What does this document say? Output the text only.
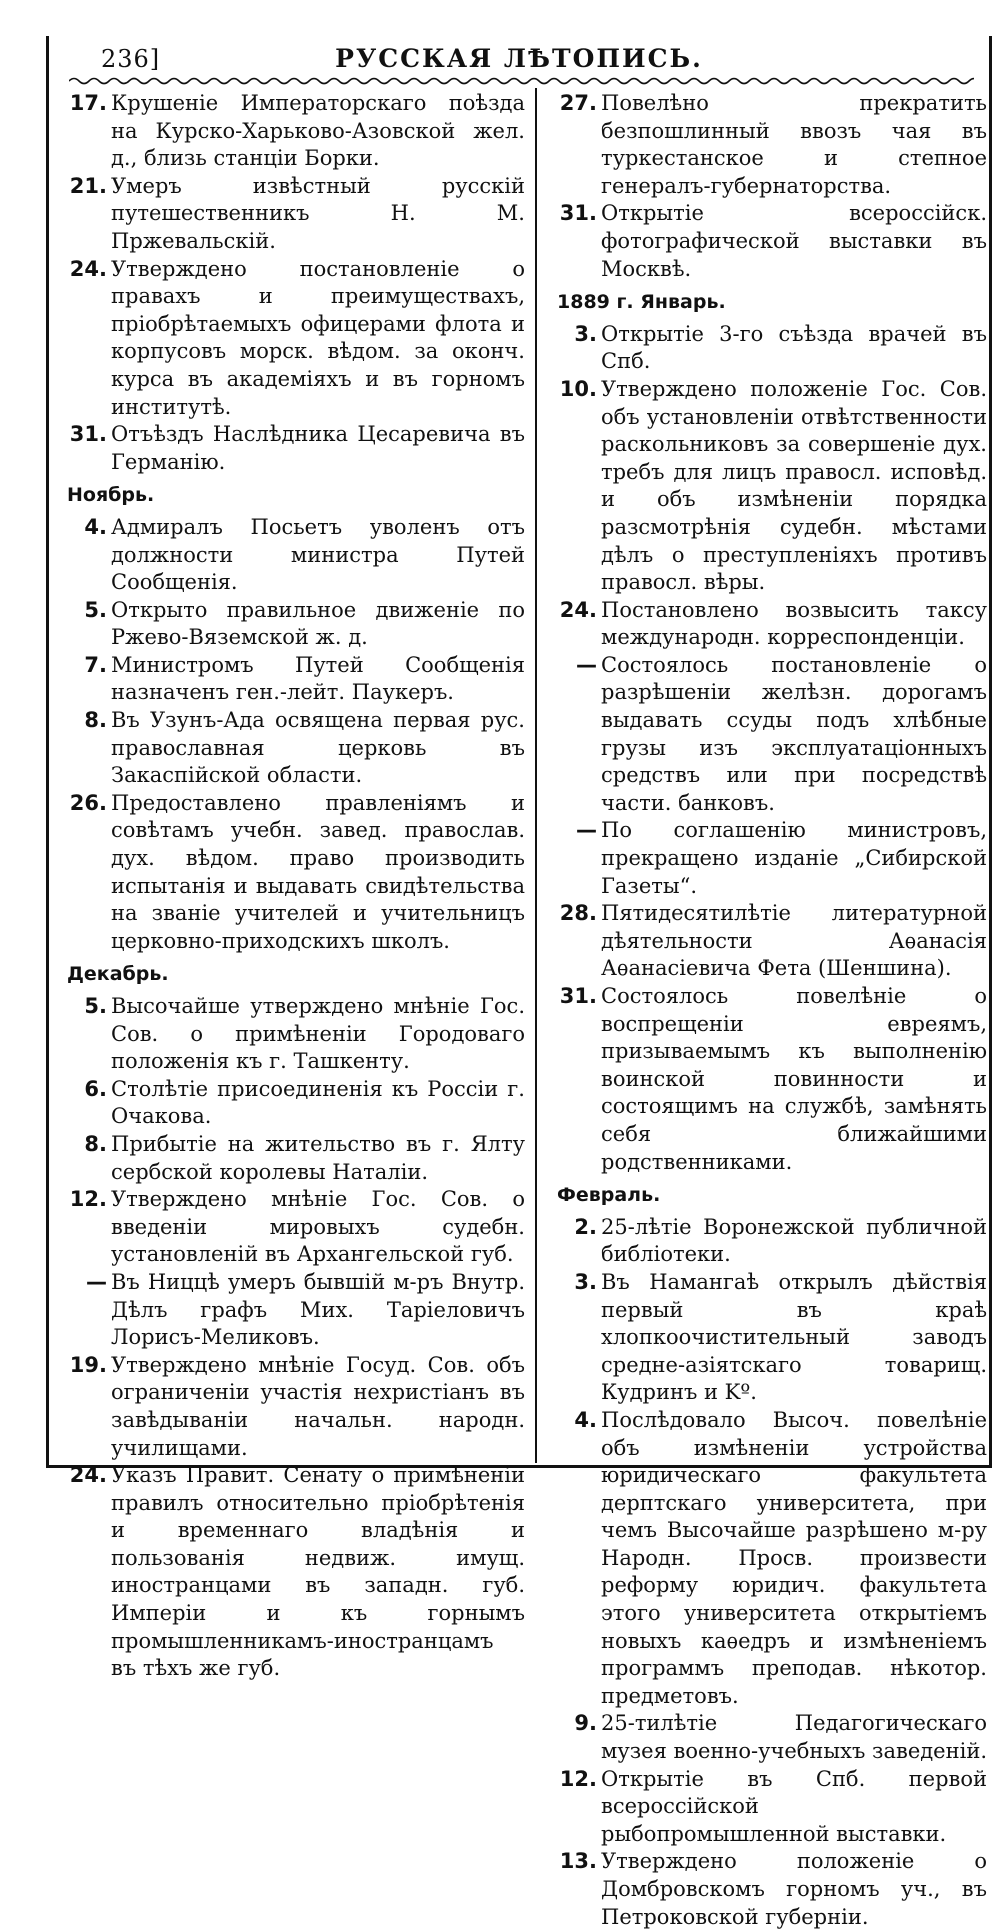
236]	РУССКАЯ ЛѢТОПИСЬ.
17. Крушеніе Императорскаго поѣзда на Курско-Харьково-Азовской жел. д., близь станціи Борки.
21. Умеръ извѣстный русскій путешественникъ Н. М. Пржевальскій.
24. Утверждено постановленіе о правахъ и преимуществахъ, пріобрѣтаемыхъ офицерами флота и корпусовъ морск. вѣдом. за оконч. курса въ академіяхъ и въ горномъ институтѣ.
31. Отъѣздъ Наслѣдника Цесаревича въ Германію.
Ноябрь.
4. Адмиралъ Посьетъ уволенъ отъ должности министра Путей Сообщенія.
5. Открыто правильное движеніе по Ржево-Вяземской ж. д.
7. Министромъ Путей Сообщенія назначенъ ген.-лейт. Паукеръ.
8. Въ Узунъ-Ада освящена первая рус. православная церковь въ Закаспійской области.
26. Предоставлено правленіямъ и совѣтамъ учебн. завед. православ. дух. вѣдом. право производить испытанія и выдавать свидѣтельства на званіе учителей и учительницъ церковно-приходскихъ школъ.
Декабрь.
5. Высочайше утверждено мнѣніе Гос. Сов. о примѣненіи Городоваго положенія къ г. Ташкенту.
6. Столѣтіе присоединенія къ Россіи г. Очакова.
8. Прибытіе на жительство въ г. Ялту сербской королевы Наталіи.
12. Утверждено мнѣніе Гос. Сов. о введеніи мировыхъ судебн. установленій въ Архангельской губ.
— Въ Ниццѣ умеръ бывшій м-ръ Внутр. Дѣлъ графъ Мих. Таріеловичъ Лорисъ-Меликовъ.
19. Утверждено мнѣніе Госуд. Сов. объ ограниченіи участія нехристіанъ въ завѣдываніи начальн. народн. училищами.
24. Указъ Правит. Сенату о примѣненіи правилъ относительно пріобрѣтенія и временнаго владѣнія и пользованія недвиж. имущ. иностранцами въ западн. губ. Имперіи и къ горнымъ промышленникамъ-иностранцамъ въ тѣхъ же губ.
27. Повелѣно прекратить безпошлинный ввозъ чая въ туркестанское и степное генералъ-губернаторства.
31. Открытіе всероссійск. фотографической выставки въ Москвѣ.
1889 г. Январь.
3. Открытіе 3-го съѣзда врачей въ Спб.
10. Утверждено положеніе Гос. Сов. объ установленіи отвѣтственности раскольниковъ за совершеніе дух. требъ для лицъ правосл. исповѣд. и объ измѣненіи порядка разсмотрѣнія судебн. мѣстами дѣлъ о преступленіяхъ противъ правосл. вѣры.
24. Постановлено возвысить таксу международн. корреспонденціи.
— Состоялось постановленіе о разрѣшеніи желѣзн. дорогамъ выдавать ссуды подъ хлѣбные грузы изъ эксплуатаціонныхъ средствъ или при посредствѣ части. банковъ.
— По соглашенію министровъ, прекращено изданіе „Сибирской Газеты“.
28. Пятидесятилѣтіе литературной дѣятельности Аѳанасія Аѳанасіевича Фета (Шеншина).
31. Состоялось повелѣніе о воспрещеніи евреямъ, призываемымъ къ выполненію воинской повинности и состоящимъ на службѣ, замѣнять себя ближайшими родственниками.
Февраль.
2. 25-лѣтіе Воронежской публичной библіотеки.
3. Въ Намангаѣ открылъ дѣйствія первый въ краѣ хлопкоочистительный заводъ средне-азіятскаго товарищ. Кудринъ и Kº.
4. Послѣдовало Высоч. повелѣніе объ измѣненіи устройства юридическаго факультета дерптскаго университета, при чемъ Высочайше разрѣшено м-ру Народн. Просв. произвести реформу юридич. факультета этого университета открытіемъ новыхъ каѳедръ и измѣненіемъ программъ преподав. нѣкотор. предметовъ.
9. 25-тилѣтіе Педагогическаго музея военно-учебныхъ заведеній.
12. Открытіе въ Спб. первой всероссійской рыбопромышленной выставки.
13. Утверждено положеніе о Домбровскомъ горномъ уч., въ Петроковской губерніи.
